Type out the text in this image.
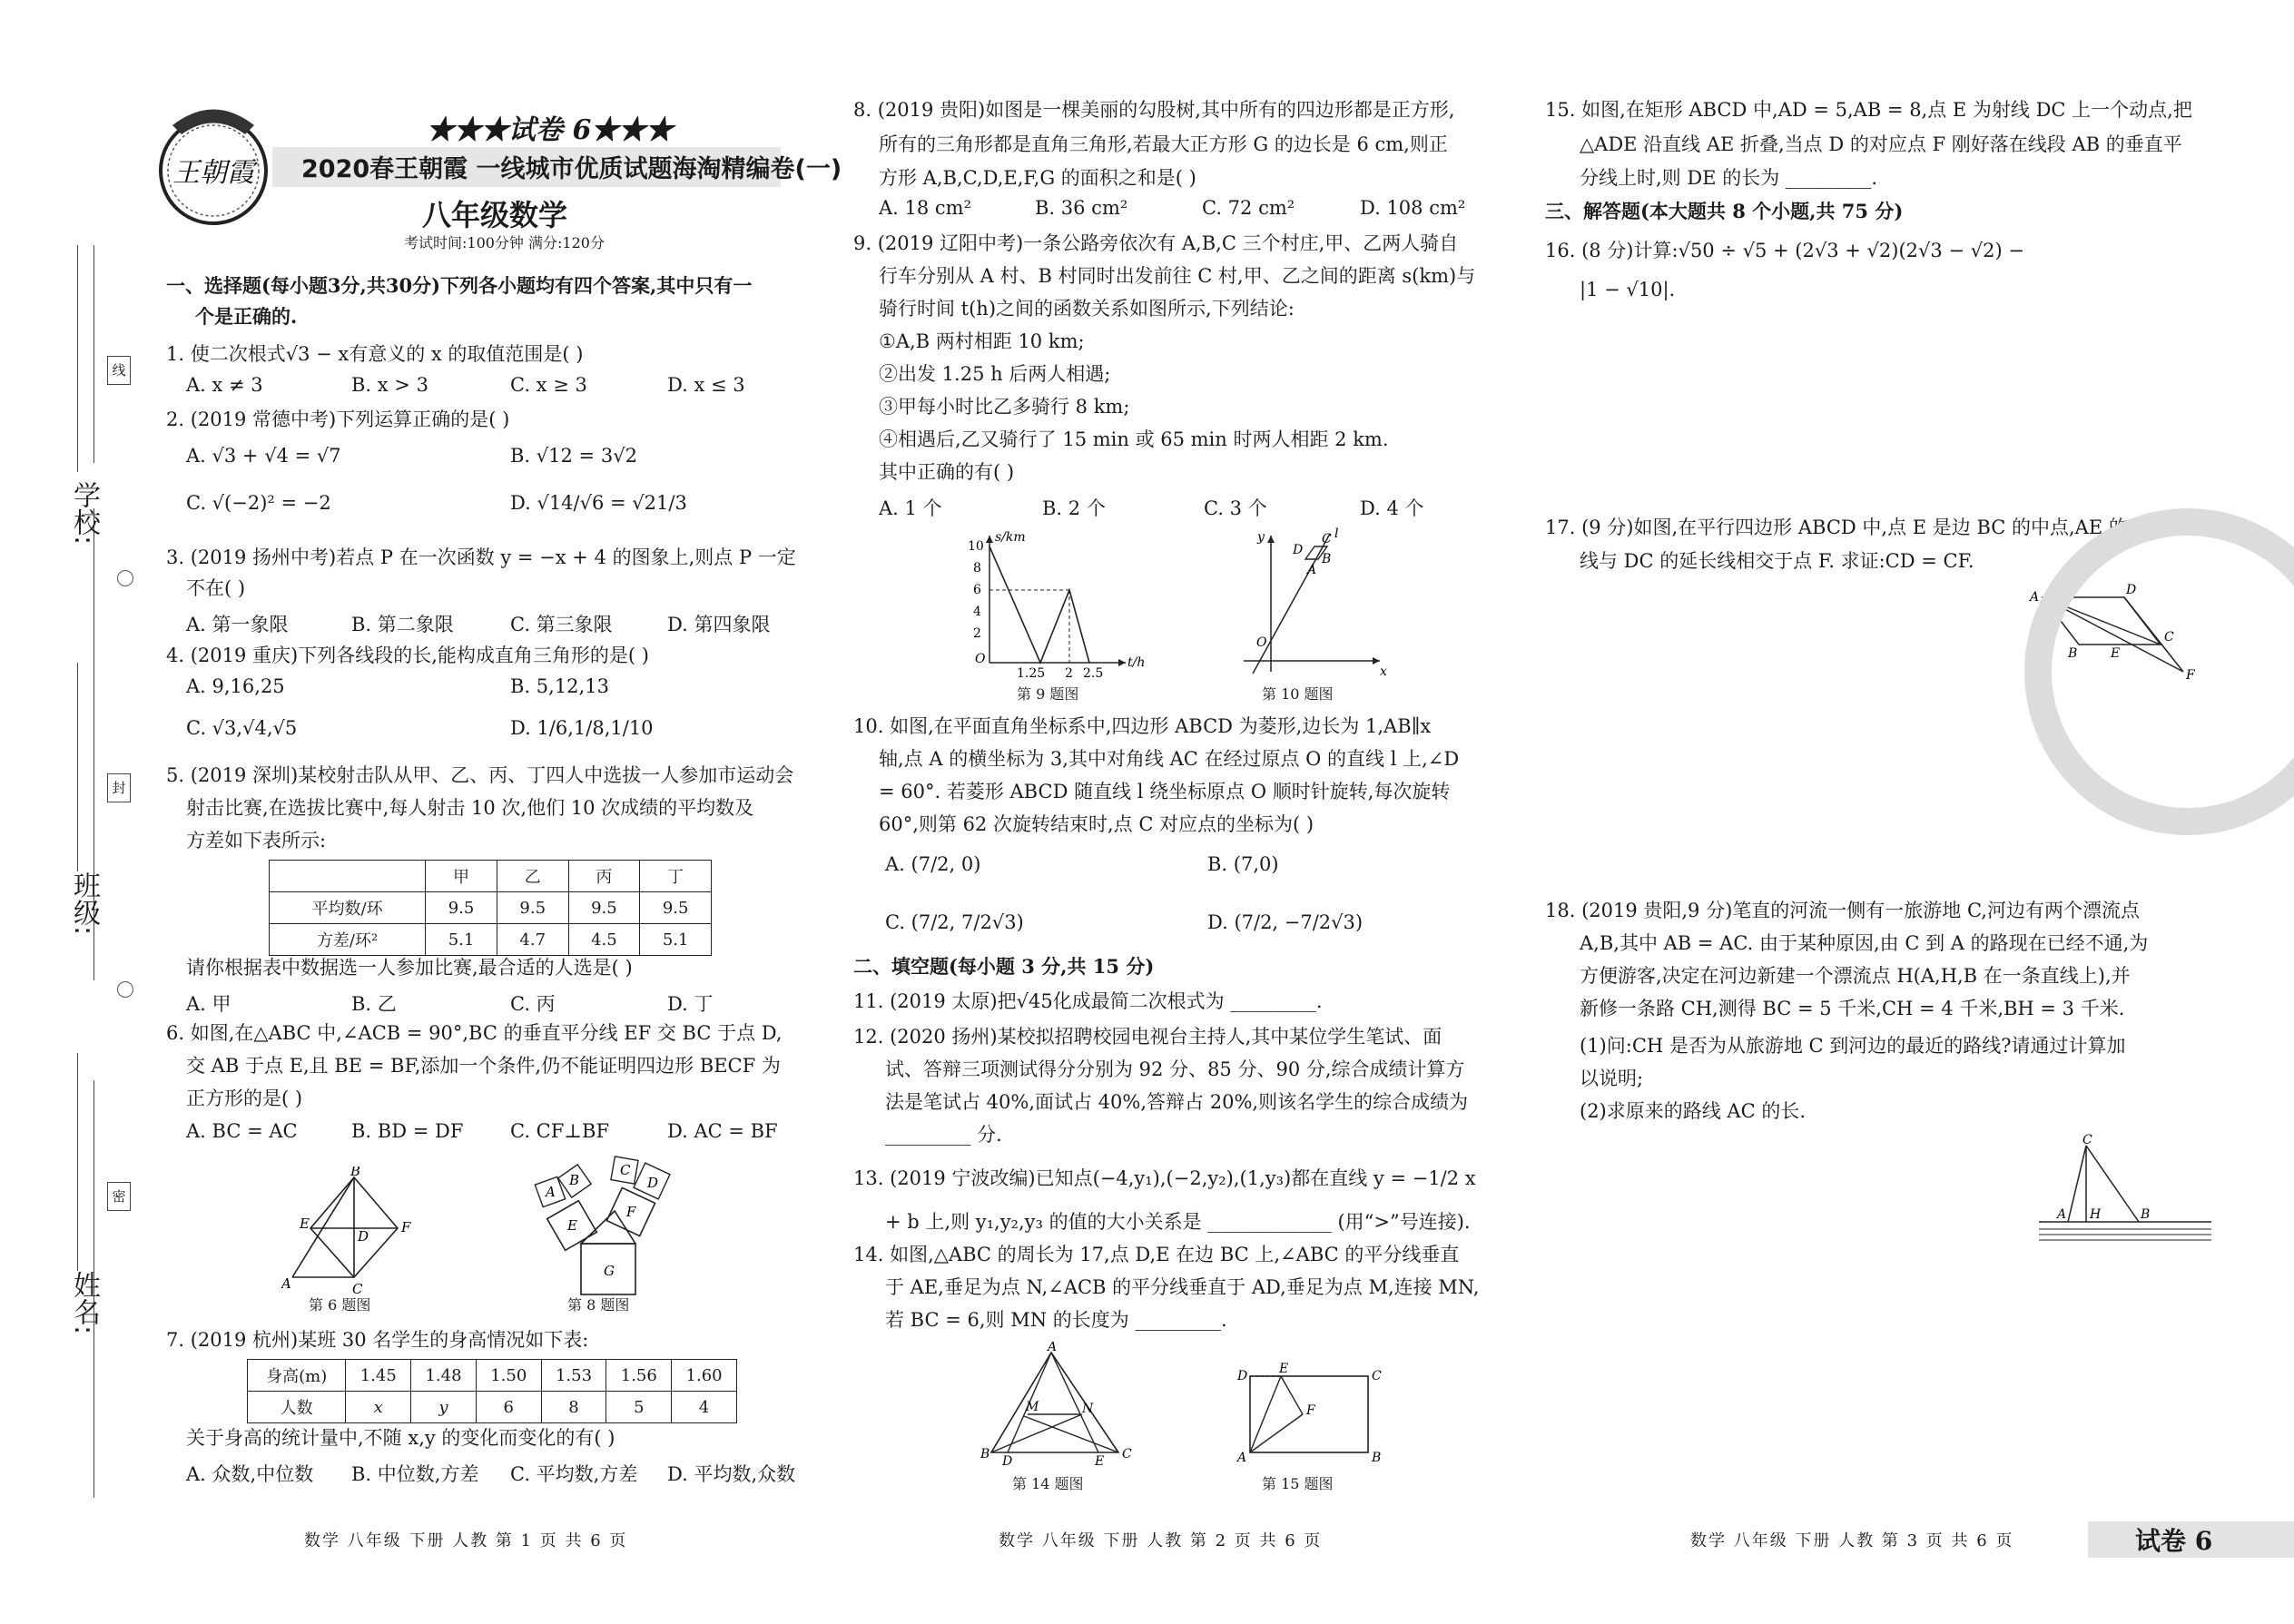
学校:
班级:
姓名:
线
封
密
王朝霞
★★★试卷 6★★★
2020春王朝霞 一线城市优质试题海淘精编卷(一)
八年级数学
考试时间:100分钟 满分:120分
一、选择题(每小题3分,共30分)下列各小题均有四个答案,其中只有一
个是正确的.
1. 使二次根式√3 − x有意义的 x 的取值范围是( )
A. x ≠ 3	B. x > 3	C. x ≥ 3	D. x ≤ 3
2. (2019 常德中考)下列运算正确的是( )
A. √3 + √4 = √7	B. √12 = 3√2
C. √(−2)² = −2	D. √14/√6 = √21/3
3. (2019 扬州中考)若点 P 在一次函数 y = −x + 4 的图象上,则点 P 一定
不在( )
A. 第一象限	B. 第二象限	C. 第三象限	D. 第四象限
4. (2019 重庆)下列各线段的长,能构成直角三角形的是( )
A. 9,16,25	B. 5,12,13
C. √3,√4,√5	D. 1/6,1/8,1/10
5. (2019 深圳)某校射击队从甲、乙、丙、丁四人中选拔一人参加市运动会
射击比赛,在选拔比赛中,每人射击 10 次,他们 10 次成绩的平均数及
方差如下表所示:
	甲	乙	丙	丁
平均数/环	9.5	9.5	9.5	9.5
方差/环²	5.1	4.7	4.5	5.1
请你根据表中数据选一人参加比赛,最合适的人选是( )
A. 甲	B. 乙	C. 丙	D. 丁
6. 如图,在△ABC 中,∠ACB = 90°,BC 的垂直平分线 EF 交 BC 于点 D,
交 AB 于点 E,且 BE = BF,添加一个条件,仍不能证明四边形 BECF 为
正方形的是( )
A. BC = AC	B. BD = DF C. CF⊥BF	D. AC = BF
B
E
D
F
A	C
第 6 题图
G
E
F
A
B
C
D
第 8 题图
7. (2019 杭州)某班 30 名学生的身高情况如下表:
身高(m)	1.45	1.48	1.50	1.53	1.56	1.60
人数	x	y	6	8	5	4
关于身高的统计量中,不随 x,y 的变化而变化的有( )
A. 众数,中位数 B. 中位数,方差 C. 平均数,方差 D. 平均数,众数
8. (2019 贵阳)如图是一棵美丽的勾股树,其中所有的四边形都是正方形,
所有的三角形都是直角三角形,若最大正方形 G 的边长是 6 cm,则正
方形 A,B,C,D,E,F,G 的面积之和是( )
A. 18 cm²	B. 36 cm²	C. 72 cm²	D. 108 cm²
9. (2019 辽阳中考)一条公路旁依次有 A,B,C 三个村庄,甲、乙两人骑自
行车分别从 A 村、B 村同时出发前往 C 村,甲、乙之间的距离 s(km)与
骑行时间 t(h)之间的函数关系如图所示,下列结论:
①A,B 两村相距 10 km;
②出发 1.25 h 后两人相遇;
③甲每小时比乙多骑行 8 km;
④相遇后,乙又骑行了 15 min 或 65 min 时两人相距 2 km.
其中正确的有( )
A. 1 个	B. 2 个	C. 3 个	D. 4 个
s/km
t/h
10
8
6
4
2
O
1.25 2 2.5
第 9 题图
y
x
O
D
C l
B
A
第 10 题图
10. 如图,在平面直角坐标系中,四边形 ABCD 为菱形,边长为 1,AB∥x
轴,点 A 的横坐标为 3,其中对角线 AC 在经过原点 O 的直线 l 上,∠D
= 60°. 若菱形 ABCD 随直线 l 绕坐标原点 O 顺时针旋转,每次旋转
60°,则第 62 次旋转结束时,点 C 对应点的坐标为( )
A. (7/2, 0)	B. (7,0)
C. (7/2, 7/2√3)	D. (7/2, −7/2√3)
二、填空题(每小题 3 分,共 15 分)
11. (2019 太原)把√45化成最简二次根式为 _________.
12. (2020 扬州)某校拟招聘校园电视台主持人,其中某位学生笔试、面
试、答辩三项测试得分分别为 92 分、85 分、90 分,综合成绩计算方
法是笔试占 40%,面试占 40%,答辩占 20%,则该名学生的综合成绩为
_________ 分.
13. (2019 宁波改编)已知点(−4,y₁),(−2,y₂),(1,y₃)都在直线 y = −1/2 x
+ b 上,则 y₁,y₂,y₃ 的值的大小关系是 _____________ (用“>”号连接).
14. 如图,△ABC 的周长为 17,点 D,E 在边 BC 上,∠ABC 的平分线垂直
于 AE,垂足为点 N,∠ACB 的平分线垂直于 AD,垂足为点 M,连接 MN,
若 BC = 6,则 MN 的长度为 _________.
A
B	C
D	E
M	N
第 14 题图
D E	C
F
A	B
第 15 题图
15. 如图,在矩形 ABCD 中,AD = 5,AB = 8,点 E 为射线 DC 上一个动点,把
△ADE 沿直线 AE 折叠,当点 D 的对应点 F 刚好落在线段 AB 的垂直平
分线上时,则 DE 的长为 _________.
三、解答题(本大题共 8 个小题,共 75 分)
16. (8 分)计算:√50 ÷ √5 + (2√3 + √2)(2√3 − √2) −
|1 − √10|.
17. (9 分)如图,在平行四边形 ABCD 中,点 E 是边 BC 的中点,AE 的延长
线与 DC 的延长线相交于点 F. 求证:CD = CF.
A	D
C
B	E
F
18. (2019 贵阳,9 分)笔直的河流一侧有一旅游地 C,河边有两个漂流点
A,B,其中 AB = AC. 由于某种原因,由 C 到 A 的路现在已经不通,为
方便游客,决定在河边新建一个漂流点 H(A,H,B 在一条直线上),并
新修一条路 CH,测得 BC = 5 千米,CH = 4 千米,BH = 3 千米.
(1)问:CH 是否为从旅游地 C 到河边的最近的路线?请通过计算加
以说明;
(2)求原来的路线 AC 的长.
C
A H	B
数学 八年级 下册 人教 第 1 页 共 6 页	数学 八年级 下册 人教 第 2 页 共 6 页	数学 八年级 下册 人教 第 3 页 共 6 页	试卷 6
